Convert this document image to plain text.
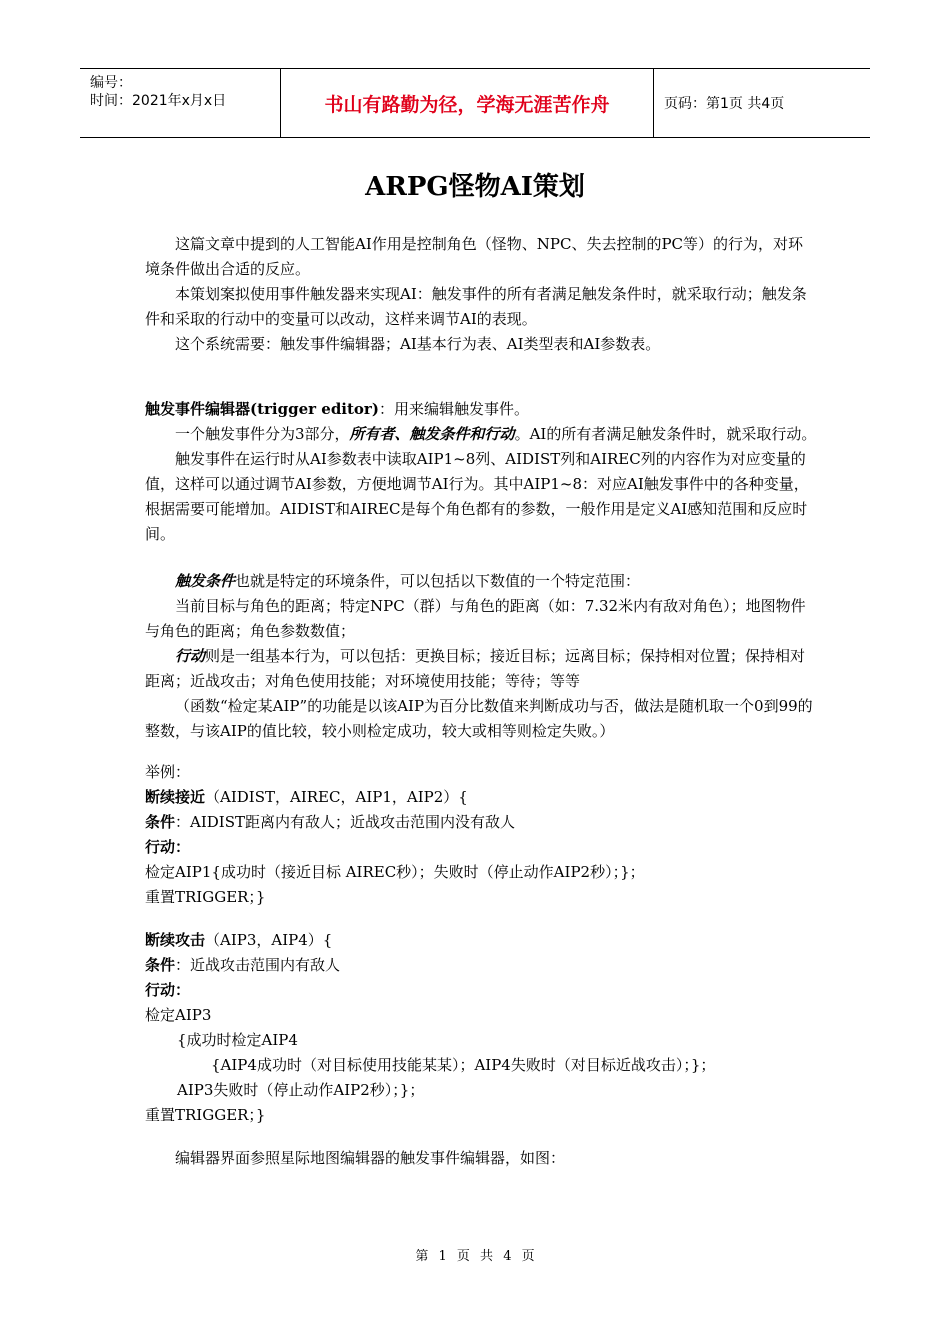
编号：
时间：2021年x月x日	书山有路勤为径，学海无涯苦作舟	页码：第1页 共4页
ARPG怪物AI策划

这篇文章中提到的人工智能AI作用是控制角色（怪物、NPC、失去控制的PC等）的行为，对环境条件做出合适的反应。

本策划案拟使用事件触发器来实现AI：触发事件的所有者满足触发条件时，就采取行动；触发条件和采取的行动中的变量可以改动，这样来调节AI的表现。

这个系统需要：触发事件编辑器；AI基本行为表、AI类型表和AI参数表。

触发事件编辑器(trigger editor)：用来编辑触发事件。

一个触发事件分为3部分，所有者、触发条件和行动。AI的所有者满足触发条件时，就采取行动。

触发事件在运行时从AI参数表中读取AIP1~8列、AIDIST列和AIREC列的内容作为对应变量的值，这样可以通过调节AI参数，方便地调节AI行为。其中AIP1~8：对应AI触发事件中的各种变量，根据需要可能增加。AIDIST和AIREC是每个角色都有的参数，一般作用是定义AI感知范围和反应时间。

触发条件也就是特定的环境条件，可以包括以下数值的一个特定范围：

当前目标与角色的距离；特定NPC（群）与角色的距离（如：7.32米内有敌对角色）；地图物件与角色的距离；角色参数数值；

行动则是一组基本行为，可以包括：更换目标；接近目标；远离目标；保持相对位置；保持相对距离；近战攻击；对角色使用技能；对环境使用技能；等待；等等

（函数“检定某AIP”的功能是以该AIP为百分比数值来判断成功与否，做法是随机取一个0到99的整数，与该AIP的值比较，较小则检定成功，较大或相等则检定失败。）

举例：

断续接近（AIDIST，AIREC，AIP1，AIP2）{

条件：AIDIST距离内有敌人；近战攻击范围内没有敌人

行动：

检定AIP1{成功时（接近目标 AIREC秒）；失败时（停止动作AIP2秒）；}；

重置TRIGGER；}

断续攻击（AIP3，AIP4）{

条件：近战攻击范围内有敌人

行动：

检定AIP3

{成功时检定AIP4

{AIP4成功时（对目标使用技能某某）；AIP4失败时（对目标近战攻击）；}；

AIP3失败时（停止动作AIP2秒）；}；

重置TRIGGER；}

编辑器界面参照星际地图编辑器的触发事件编辑器，如图：

第 1 页 共 4 页
